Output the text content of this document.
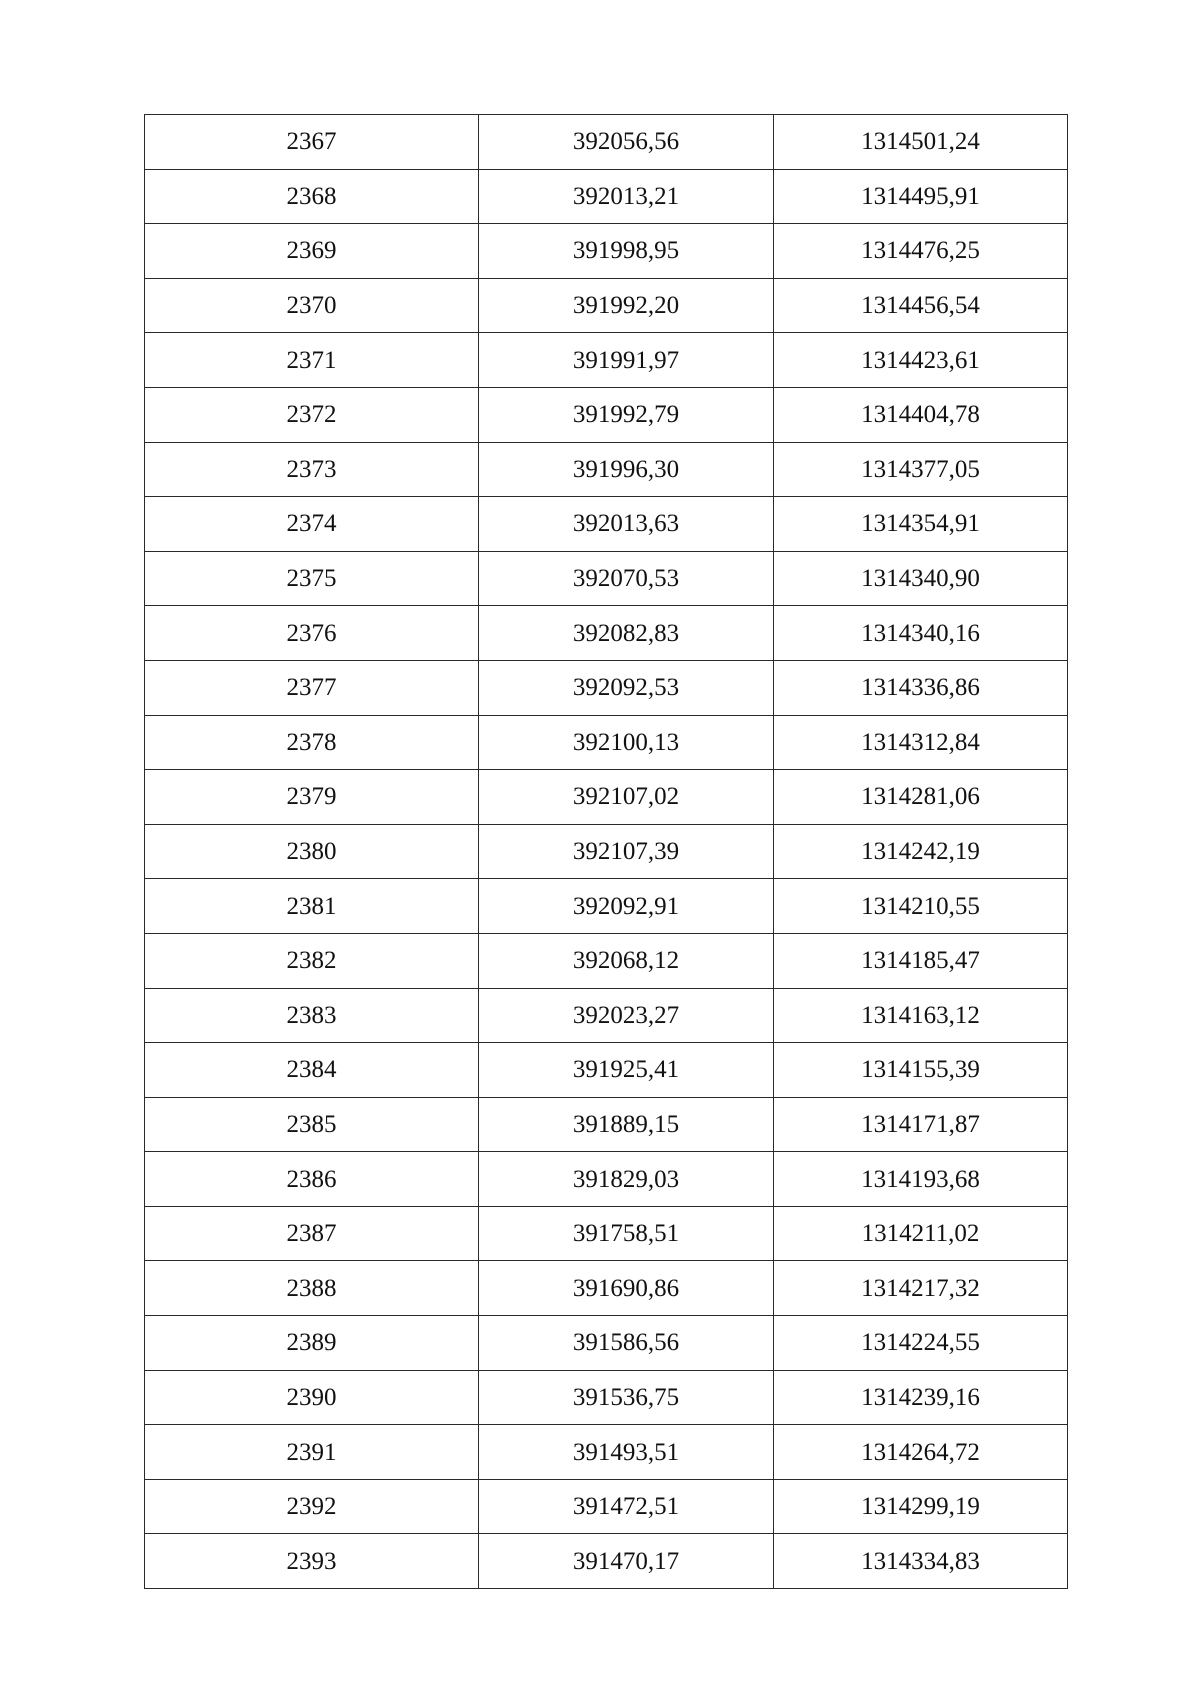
2367	392056,56	1314501,24
2368	392013,21	1314495,91
2369	391998,95	1314476,25
2370	391992,20	1314456,54
2371	391991,97	1314423,61
2372	391992,79	1314404,78
2373	391996,30	1314377,05
2374	392013,63	1314354,91
2375	392070,53	1314340,90
2376	392082,83	1314340,16
2377	392092,53	1314336,86
2378	392100,13	1314312,84
2379	392107,02	1314281,06
2380	392107,39	1314242,19
2381	392092,91	1314210,55
2382	392068,12	1314185,47
2383	392023,27	1314163,12
2384	391925,41	1314155,39
2385	391889,15	1314171,87
2386	391829,03	1314193,68
2387	391758,51	1314211,02
2388	391690,86	1314217,32
2389	391586,56	1314224,55
2390	391536,75	1314239,16
2391	391493,51	1314264,72
2392	391472,51	1314299,19
2393	391470,17	1314334,83
